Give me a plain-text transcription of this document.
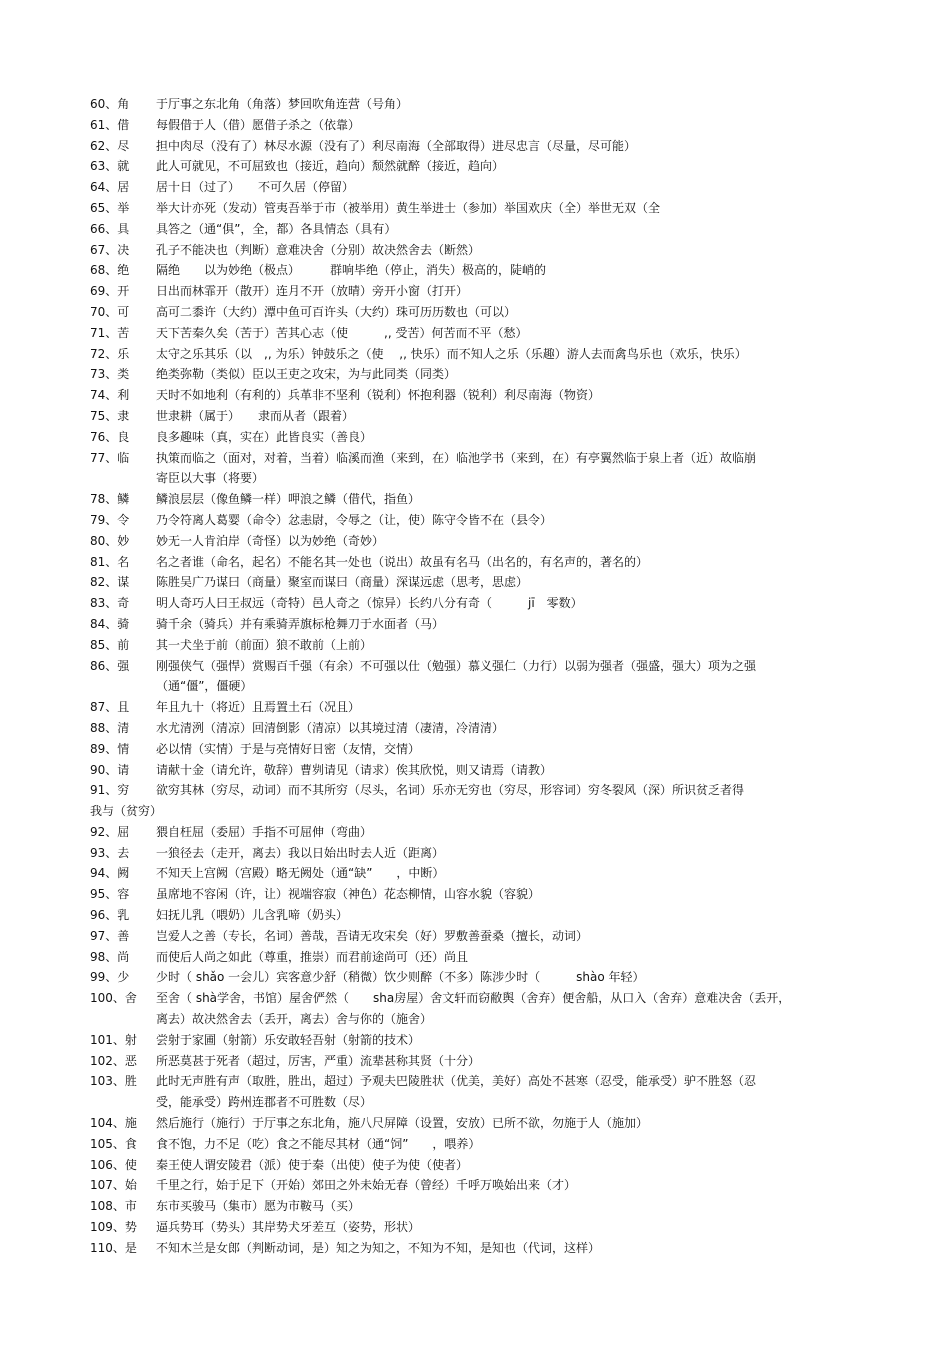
60、角 于厅事之东北角（角落）梦回吹角连营（号角）
61、借 每假借于人（借）愿借子杀之（依靠）
62、尽 担中肉尽（没有了）林尽水源（没有了）利尽南海（全部取得）进尽忠言（尽量，尽可能）
63、就 此人可就见，不可屈致也（接近，趋向）颓然就醉（接近，趋向）
64、居 居十日（过了）　　不可久居（停留）
65、举 举大计亦死（发动）管夷吾举于市（被举用）黄生举进士（参加）举国欢庆（全）举世无双（全
66、具 具答之（通“俱”，全，都）各具情态（具有）
67、决 孔子不能决也（判断）意难决舍（分别）故决然舍去（断然）
68、绝 隔绝　　以为妙绝（极点）　　　群响毕绝（停止，消失）极高的，陡峭的
69、开 日出而林霏开（散开）连月不开（放晴）旁开小窗（打开）
70、可 高可二黍许（大约）潭中鱼可百许头（大约）珠可历历数也（可以）
71、苦 天下苦秦久矣（苦于）苦其心志（使　　　,, 受苦）何苦而不平（愁）
72、乐 太守之乐其乐（以　,, 为乐）钟鼓乐之（使　 ,, 快乐）而不知人之乐（乐趣）游人去而禽鸟乐也（欢乐，快乐）
73、类 绝类弥勒（类似）臣以王吏之攻宋，为与此同类（同类）
74、利 天时不如地利（有利的）兵革非不坚利（锐利）怀抱利器（锐利）利尽南海（物资）
75、隶 世隶耕（属于）　　隶而从者（跟着）
76、良 良多趣味（真，实在）此皆良实（善良）
77、临 执策而临之（面对，对着，当着）临溪而渔（来到，在）临池学书（来到，在）有亭翼然临于泉上者（近）故临崩
寄臣以大事（将要）
78、鳞 鳞浪层层（像鱼鳞一样）呷浪之鳞（借代，指鱼）
79、令 乃令符离人葛婴（命令）忿恚尉，令辱之（让，使）陈守令皆不在（县令）
80、妙 妙无一人肯泊岸（奇怪）以为妙绝（奇妙）
81、名 名之者谁（命名，起名）不能名其一处也（说出）故虽有名马（出名的，有名声的，著名的）
82、谋 陈胜吴广乃谋曰（商量）聚室而谋曰（商量）深谋远虑（思考，思虑）
83、奇 明人奇巧人曰王叔远（奇特）邑人奇之（惊异）长约八分有奇（　　　jī　零数）
84、骑 骑千余（骑兵）并有乘骑弄旗标枪舞刀于水面者（马）
85、前 其一犬坐于前（前面）狼不敢前（上前）
86、强 刚强侠气（强悍）赏赐百千强（有余）不可强以仕（勉强）慕义强仁（力行）以弱为强者（强盛，强大）项为之强
（通“僵”，僵硬）
87、且 年且九十（将近）且焉置土石（况且）
88、清 水尤清洌（清凉）回清倒影（清凉）以其境过清（凄清，冷清清）
89、情 必以情（实情）于是与亮情好日密（友情，交情）
90、请 请献十金（请允许，敬辞）曹刿请见（请求）俟其欣悦，则又请焉（请教）
91、穷 欲穷其林（穷尽，动词）而不其所穷（尽头，名词）乐亦无穷也（穷尽，形容词）穷冬裂风（深）所识贫乏者得
我与（贫穷）
92、屈 猥自枉屈（委屈）手指不可屈伸（弯曲）
93、去 一狼径去（走开，离去）我以日始出时去人近（距离）
94、阙 不知天上宫阙（宫殿）略无阙处（通“缺”　　，中断）
95、容 虽席地不容闲（许，让）视端容寂（神色）花态柳情，山容水貌（容貌）
96、乳 妇抚儿乳（喂奶）儿含乳啼（奶头）
97、善 岂爱人之善（专长，名词）善哉，吾请无攻宋矣（好）罗敷善蚕桑（擅长，动词）
98、尚 而使后人尚之如此（尊重，推崇）而君前途尚可（还）尚且
99、少 少时（ shǎo 一会儿）宾客意少舒（稍微）饮少则醉（不多）陈涉少时（　　　shào 年轻）
100、舍 至舍（ shà学舍，书馆）屋舍俨然（　　sha房屋）舍文轩而窃敝舆（舍弃）便舍船，从口入（舍弃）意难决舍（丢开，
离去）故决然舍去（丢开，离去）舍与你的（施舍）
101、射 尝射于家圃（射箭）乐安敢轻吾射（射箭的技术）
102、恶 所恶莫甚于死者（超过，厉害，严重）流辈甚称其贤（十分）
103、胜 此时无声胜有声（取胜，胜出，超过）予观夫巴陵胜状（优美，美好）高处不甚寒（忍受，能承受）驴不胜怒（忍
受，能承受）跨州连郡者不可胜数（尽）
104、施 然后施行（施行）于厅事之东北角，施八尺屏障（设置，安放）已所不欲，勿施于人（施加）
105、食 食不饱，力不足（吃）食之不能尽其材（通“饲”　　，喂养）
106、使 秦王使人谓安陵君（派）使于秦（出使）使子为使（使者）
107、始 千里之行，始于足下（开始）郊田之外未始无春（曾经）千呼万唤始出来（才）
108、市 东市买骏马（集市）愿为市鞍马（买）
109、势 逼兵势耳（势头）其岸势犬牙差互（姿势，形状）
110、是 不知木兰是女郎（判断动词，是）知之为知之，不知为不知，是知也（代词，这样）
